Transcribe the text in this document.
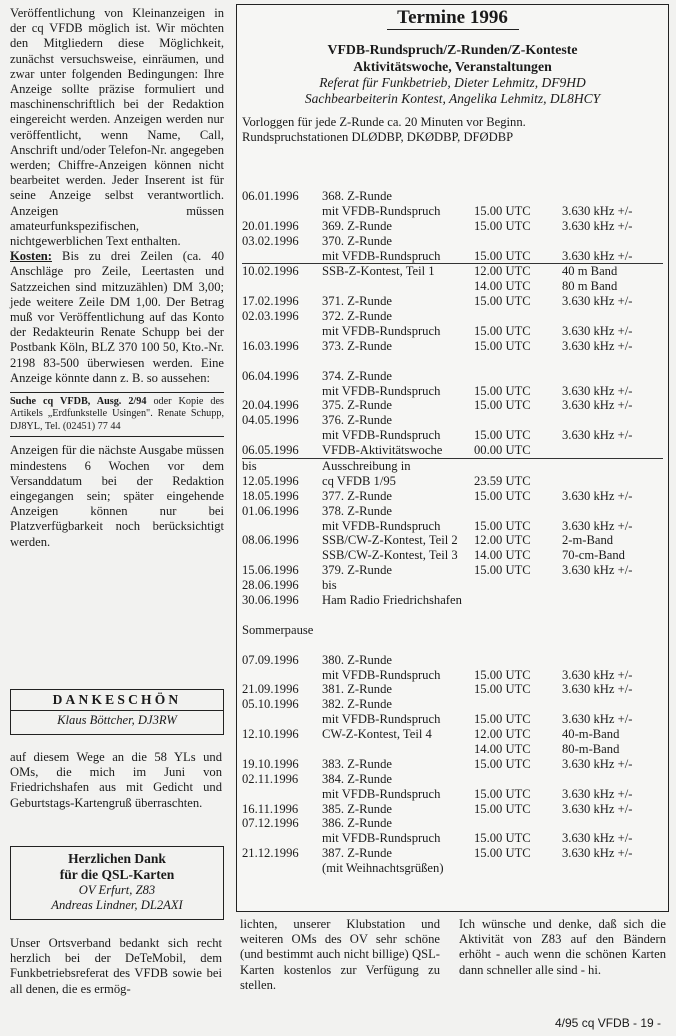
Veröffentlichung von Kleinanzeigen in der cq VFDB möglich ist. Wir möchten den Mitgliedern diese Möglichkeit, zunächst versuchsweise, einräumen, und zwar unter folgenden Bedingungen: Ihre Anzeige sollte präzise formuliert und maschinenschriftlich bei der Redaktion eingereicht werden. Anzeigen werden nur veröffentlicht, wenn Name, Call, Anschrift und/oder Telefon-Nr. angegeben werden; Chiffre-Anzeigen können nicht bearbeitet werden. Jeder Inserent ist für seine Anzeige selbst verantwortlich. Anzeigen müssen amateurfunkspezifischen, nichtgewerblichen Text enthalten.

Kosten: Bis zu drei Zeilen (ca. 40 Anschläge pro Zeile, Leertasten und Satzzeichen sind mitzuzählen) DM 3,00; jede weitere Zeile DM 1,00. Der Betrag muß vor Veröffentlichung auf das Konto der Redakteurin Renate Schupp bei der Postbank Köln, BLZ 370 100 50, Kto.-Nr. 2198 83-500 überwiesen werden. Eine Anzeige könnte dann z. B. so aussehen:

Suche cq VFDB, Ausg. 2/94 oder Kopie des Artikels „Erdfunkstelle Usingen". Renate Schupp, DJ8YL, Tel. (02451) 77 44

Anzeigen für die nächste Ausgabe müssen mindestens 6 Wochen vor dem Versanddatum bei der Redaktion eingegangen sein; später eingehende Anzeigen können nur bei Platzverfügbarkeit noch berücksichtigt werden.

DANKESCHÖN
Klaus Böttcher, DJ3RW
auf diesem Wege an die 58 YLs und OMs, die mich im Juni von Friedrichshafen aus mit Gedicht und Geburtstags-Kartengruß überraschten.
Herzlichen Dank
für die QSL-Karten
OV Erfurt, Z83
Andreas Lindner, DL2AXI
Unser Ortsverband bedankt sich recht herzlich bei der DeTeMobil, dem Funkbetriebsreferat des VFDB sowie bei all denen, die es ermög-
Termine 1996
VFDB-Rundspruch/Z-Runden/Z-Konteste
Aktivitätswoche, Veranstaltungen
Referat für Funkbetrieb, Dieter Lehmitz, DF9HD
Sachbearbeiterin Kontest, Angelika Lehmitz, DL8HCY
Vorloggen für jede Z-Runde ca. 20 Minuten vor Beginn.
Rundspruchstationen DLØDBP, DKØDBP, DFØDBP
06.01.1996 368. Z-Runde
mit VFDB-Rundspruch	15.00 UTC 3.630 kHz +/-
20.01.1996 369. Z-Runde	15.00 UTC 3.630 kHz +/-
03.02.1996 370. Z-Runde
mit VFDB-Rundspruch	15.00 UTC 3.630 kHz +/-
10.02.1996 SSB-Z-Kontest, Teil 1	12.00 UTC 40 m Band
14.00 UTC 80 m Band
17.02.1996 371. Z-Runde	15.00 UTC 3.630 kHz +/-
02.03.1996 372. Z-Runde
mit VFDB-Rundspruch	15.00 UTC 3.630 kHz +/-
16.03.1996 373. Z-Runde	15.00 UTC 3.630 kHz +/-
06.04.1996 374. Z-Runde
mit VFDB-Rundspruch	15.00 UTC 3.630 kHz +/-
20.04.1996 375. Z-Runde	15.00 UTC 3.630 kHz +/-
04.05.1996 376. Z-Runde
mit VFDB-Rundspruch	15.00 UTC 3.630 kHz +/-
06.05.1996 VFDB-Aktivitätswoche	00.00 UTC
bis	Ausschreibung in
12.05.1996 cq VFDB 1/95	23.59 UTC
18.05.1996 377. Z-Runde	15.00 UTC 3.630 kHz +/-
01.06.1996 378. Z-Runde
mit VFDB-Rundspruch	15.00 UTC 3.630 kHz +/-
08.06.1996 SSB/CW-Z-Kontest, Teil 2 12.00 UTC 2-m-Band
SSB/CW-Z-Kontest, Teil 3 14.00 UTC 70-cm-Band
15.06.1996 379. Z-Runde	15.00 UTC 3.630 kHz +/-
28.06.1996 bis
30.06.1996 Ham Radio Friedrichshafen
Sommerpause
07.09.1996 380. Z-Runde
mit VFDB-Rundspruch	15.00 UTC 3.630 kHz +/-
21.09.1996 381. Z-Runde	15.00 UTC 3.630 kHz +/-
05.10.1996 382. Z-Runde
mit VFDB-Rundspruch	15.00 UTC 3.630 kHz +/-
12.10.1996 CW-Z-Kontest, Teil 4	12.00 UTC 40-m-Band
14.00 UTC 80-m-Band
19.10.1996 383. Z-Runde	15.00 UTC 3.630 kHz +/-
02.11.1996 384. Z-Runde
mit VFDB-Rundspruch	15.00 UTC 3.630 kHz +/-
16.11.1996 385. Z-Runde	15.00 UTC 3.630 kHz +/-
07.12.1996 386. Z-Runde
mit VFDB-Rundspruch	15.00 UTC 3.630 kHz +/-
21.12.1996 387. Z-Runde	15.00 UTC 3.630 kHz +/-
(mit Weihnachtsgrüßen)
lichten, unserer Klubstation und weiteren OMs des OV sehr schöne (und bestimmt auch nicht billige) QSL-Karten kostenlos zur Verfügung zu stellen.
Ich wünsche und denke, daß sich die Aktivität von Z83 auf den Bändern erhöht - auch wenn die schönen Karten dann schneller alle sind - hi.
4/95 cq VFDB - 19 -
